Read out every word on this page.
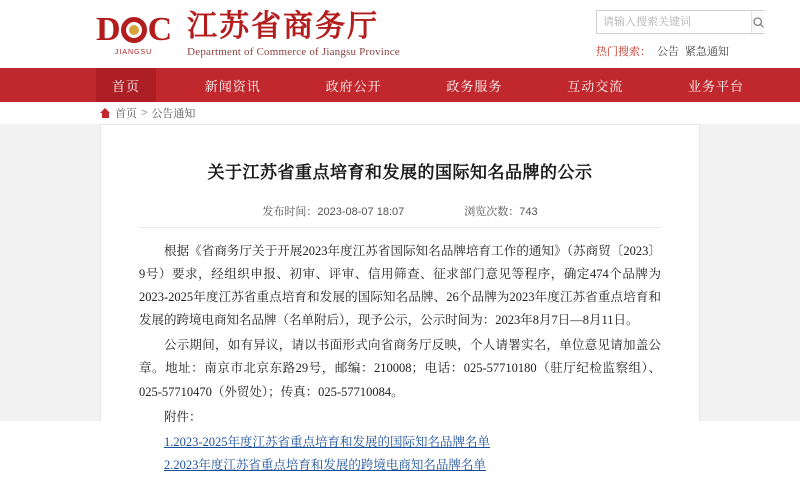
D C
JIANGSU
江苏省商务厅
Department of Commerce of Jiangsu Province
请输入搜索关键词	热门搜索： 公告 紧急通知
首页	新闻资讯	政府公开	政务服务	互动交流	业务平台
首页 > 公告通知
关于江苏省重点培育和发展的国际知名品牌的公示
发布时间：2023-08-07 18:07	浏览次数：743

根据《省商务厅关于开展2023年度江苏省国际知名品牌培育工作的通知》（苏商贸〔2023〕9号）要求，经组织申报、初审、评审、信用筛查、征求部门意见等程序，确定474个品牌为2023-2025年度江苏省重点培育和发展的国际知名品牌、26个品牌为2023年度江苏省重点培育和发展的跨境电商知名品牌（名单附后），现予公示，公示时间为：2023年8月7日—8月11日。

公示期间，如有异议，请以书面形式向省商务厅反映，个人请署实名，单位意见请加盖公章。地址：南京市北京东路29号，邮编：210008；电话：025-57710180（驻厅纪检监察组）、025-57710470（外贸处）；传真：025-57710084。

附件：

1.2023-2025年度江苏省重点培育和发展的国际知名品牌名单
2.2023年度江苏省重点培育和发展的跨境电商知名品牌名单
